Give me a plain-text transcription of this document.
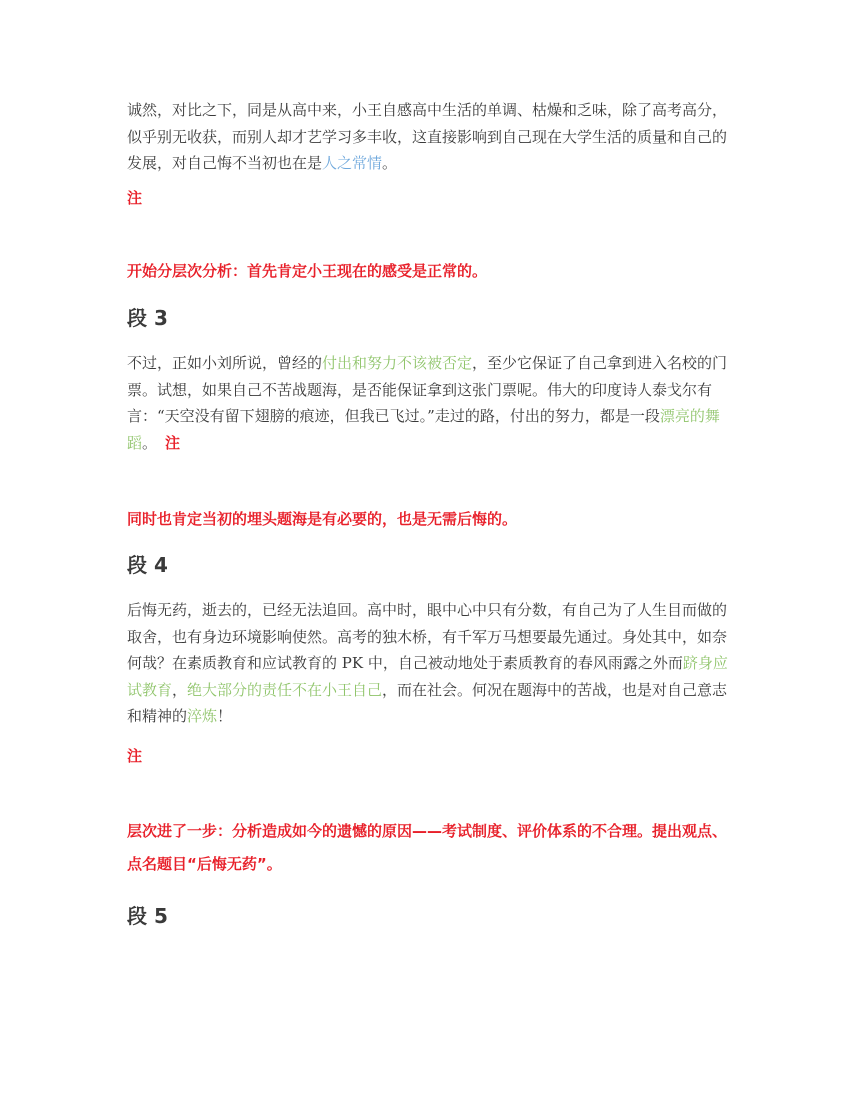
诚然，对比之下，同是从高中来，小王自感高中生活的单调、枯燥和乏味，除了高考高分，似乎别无收获，而别人却才艺学习多丰收，这直接影响到自己现在大学生活的质量和自己的发展，对自己悔不当初也在是人之常情。

注

开始分层次分析：首先肯定小王现在的感受是正常的。

段 3

不过，正如小刘所说，曾经的付出和努力不该被否定，至少它保证了自己拿到进入名校的门票。试想，如果自己不苦战题海，是否能保证拿到这张门票呢。伟大的印度诗人泰戈尔有言：“天空没有留下翅膀的痕迹，但我已飞过。”走过的路，付出的努力，都是一段漂亮的舞蹈。 注

同时也肯定当初的埋头题海是有必要的，也是无需后悔的。

段 4

后悔无药，逝去的，已经无法追回。高中时，眼中心中只有分数，有自己为了人生目而做的取舍，也有身边环境影响使然。高考的独木桥，有千军万马想要最先通过。身处其中，如奈何哉？在素质教育和应试教育的 PK 中，自己被动地处于素质教育的春风雨露之外而跻身应试教育，绝大部分的责任不在小王自己，而在社会。何况在题海中的苦战，也是对自己意志和精神的淬炼！

注

层次进了一步：分析造成如今的遗憾的原因——考试制度、评价体系的不合理。提出观点、点名题目“后悔无药”。

段 5
